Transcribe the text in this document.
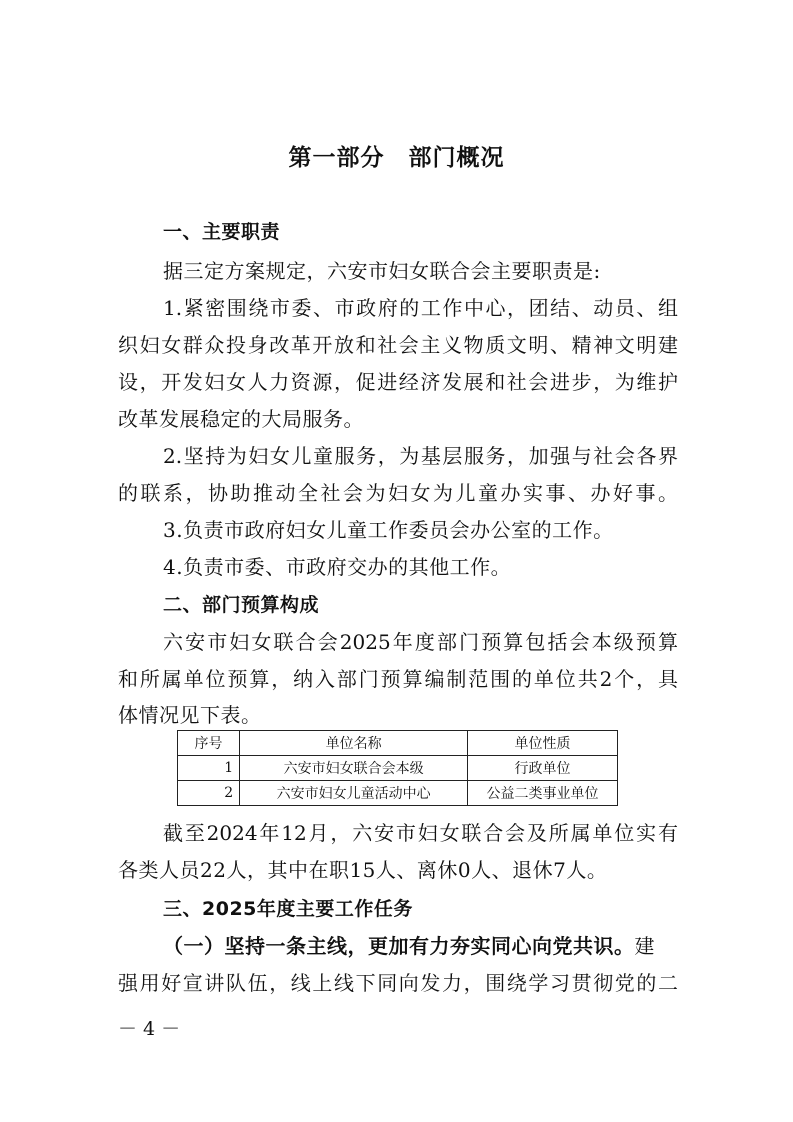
第一部分　部门概况
一、主要职责
据三定方案规定，六安市妇女联合会主要职责是:
1.紧密围绕市委、市政府的工作中心，团结、动员、组
织妇女群众投身改革开放和社会主义物质文明、精神文明建
设，开发妇女人力资源，促进经济发展和社会进步，为维护
改革发展稳定的大局服务。
2.坚持为妇女儿童服务，为基层服务，加强与社会各界
的联系，协助推动全社会为妇女为儿童办实事、办好事。
3.负责市政府妇女儿童工作委员会办公室的工作。
4.负责市委、市政府交办的其他工作。
二、部门预算构成
六安市妇女联合会2025年度部门预算包括会本级预算
和所属单位预算，纳入部门预算编制范围的单位共2个，具
体情况见下表。
序号	单位名称	单位性质
1	六安市妇女联合会本级	行政单位
2	六安市妇女儿童活动中心	公益二类事业单位
截至2024年12月，六安市妇女联合会及所属单位实有
各类人员22人，其中在职15人、离休0人、退休7人。
三、2025年度主要工作任务
（一）坚持一条主线，更加有力夯实同心向党共识。建
强用好宣讲队伍，线上线下同向发力，围绕学习贯彻党的二
－ 4 －
